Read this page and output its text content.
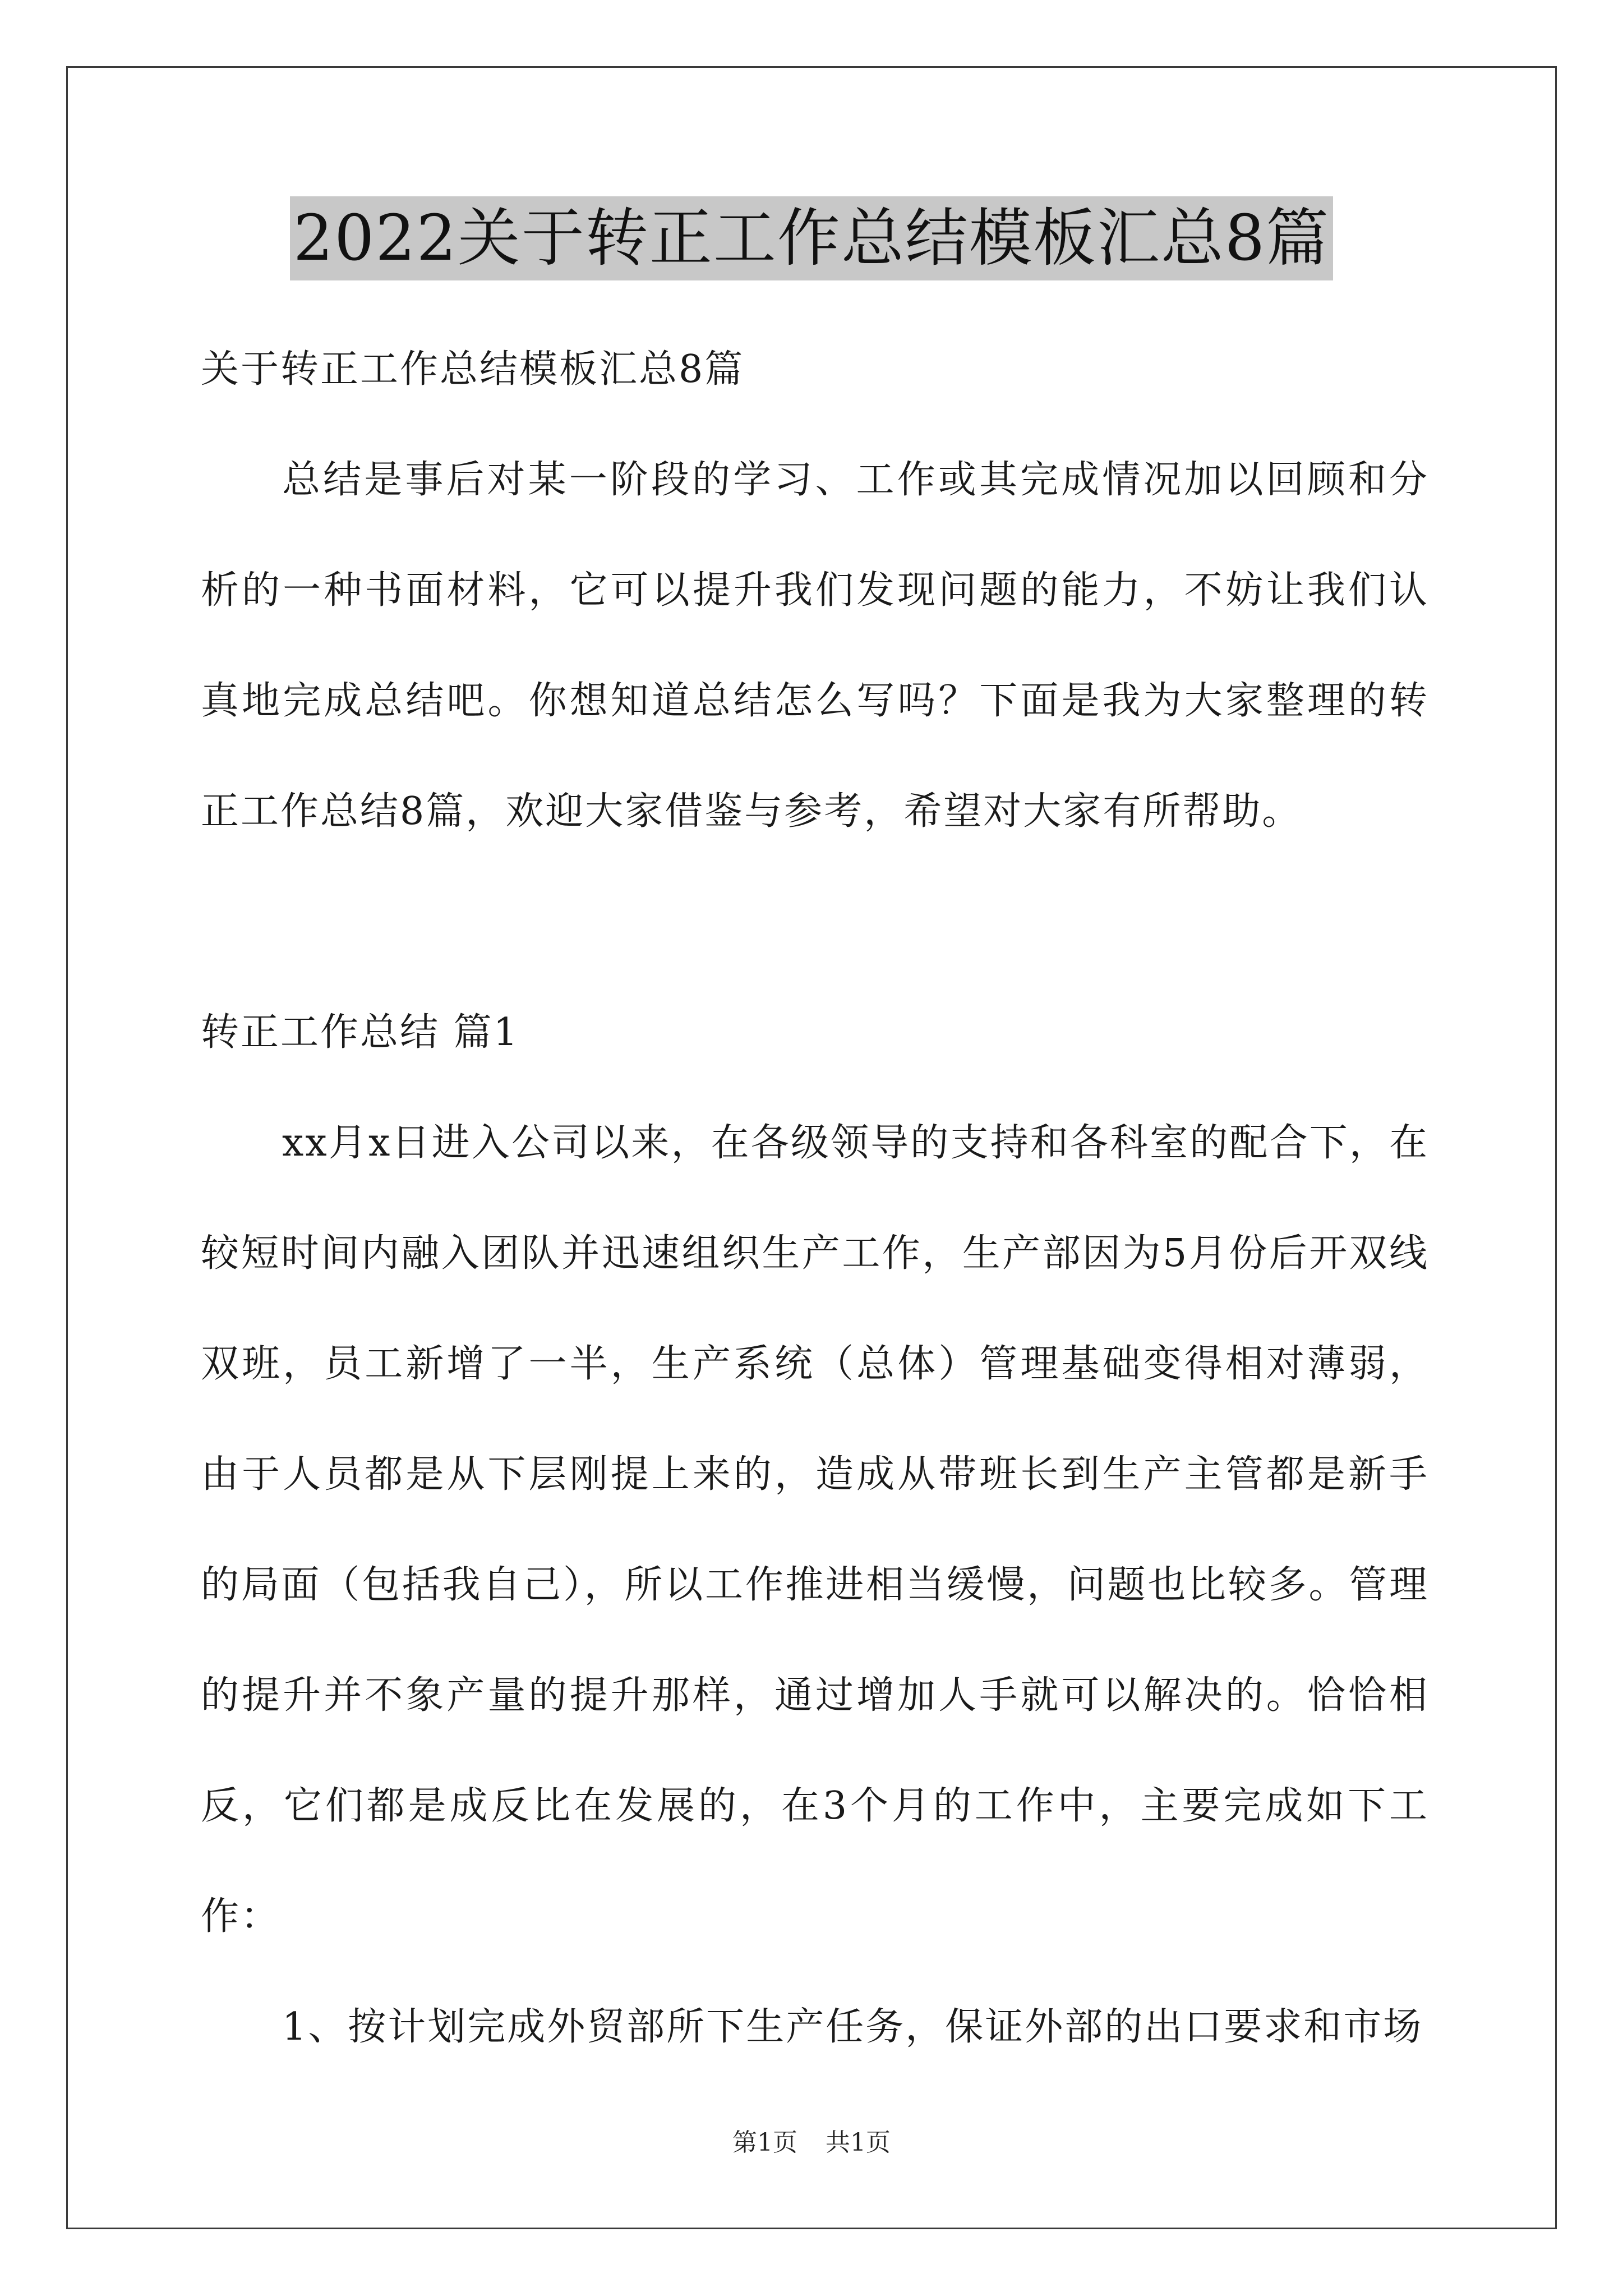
2022关于转正工作总结模板汇总8篇

关于转正工作总结模板汇总8篇

总结是事后对某一阶段的学习、工作或其完成情况加以回顾和分析的一种书面材料，它可以提升我们发现问题的能力，不妨让我们认真地完成总结吧。你想知道总结怎么写吗？下面是我为大家整理的转正工作总结8篇，欢迎大家借鉴与参考，希望对大家有所帮助。

转正工作总结 篇1

xx月x日进入公司以来，在各级领导的支持和各科室的配合下，在较短时间内融入团队并迅速组织生产工作，生产部因为5月份后开双线双班，员工新增了一半，生产系统（总体）管理基础变得相对薄弱，由于人员都是从下层刚提上来的，造成从带班长到生产主管都是新手的局面（包括我自己），所以工作推进相当缓慢，问题也比较多。管理的提升并不象产量的提升那样，通过增加人手就可以解决的。恰恰相反，它们都是成反比在发展的，在3个月的工作中，主要完成如下工作：

1、按计划完成外贸部所下生产任务，保证外部的出口要求和市场

第1页 共1页
